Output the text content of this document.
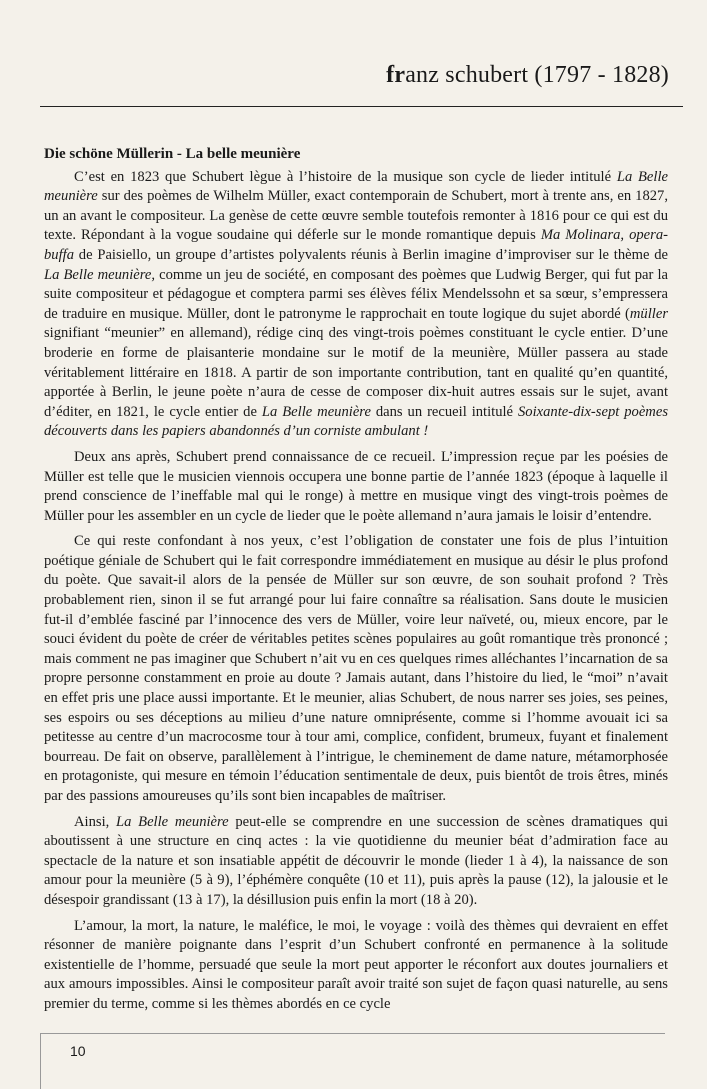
franz schubert (1797 - 1828)
Die schöne Müllerin - La belle meunière

C’est en 1823 que Schubert lègue à l’histoire de la musique son cycle de lieder intitulé La Belle meunière sur des poèmes de Wilhelm Müller, exact contemporain de Schubert, mort à trente ans, en 1827, un an avant le compositeur. La genèse de cette œuvre semble toutefois remonter à 1816 pour ce qui est du texte. Répondant à la vogue soudaine qui déferle sur le monde romantique depuis Ma Molinara, opera-buffa de Paisiello, un groupe d’artistes polyvalents réunis à Berlin imagine d’improviser sur le thème de La Belle meunière, comme un jeu de société, en composant des poèmes que Ludwig Berger, qui fut par la suite compositeur et pédagogue et comptera parmi ses élèves félix Mendelssohn et sa sœur, s’empressera de traduire en musique. Müller, dont le patronyme le rapprochait en toute logique du sujet abordé (müller signifiant “meunier” en allemand), rédige cinq des vingt-trois poèmes constituant le cycle entier. D’une broderie en forme de plaisanterie mondaine sur le motif de la meunière, Müller passera au stade véritablement littéraire en 1818. A partir de son importante contribution, tant en qualité qu’en quantité, apportée à Berlin, le jeune poète n’aura de cesse de composer dix-huit autres essais sur le sujet, avant d’éditer, en 1821, le cycle entier de La Belle meunière dans un recueil intitulé Soixante-dix-sept poèmes découverts dans les papiers abandonnés d’un corniste ambulant !

Deux ans après, Schubert prend connaissance de ce recueil. L’impression reçue par les poésies de Müller est telle que le musicien viennois occupera une bonne partie de l’année 1823 (époque à laquelle il prend conscience de l’ineffable mal qui le ronge) à mettre en musique vingt des vingt-trois poèmes de Müller pour les assembler en un cycle de lieder que le poète allemand n’aura jamais le loisir d’entendre.

Ce qui reste confondant à nos yeux, c’est l’obligation de constater une fois de plus l’intuition poétique géniale de Schubert qui le fait correspondre immédiatement en musique au désir le plus profond du poète. Que savait-il alors de la pensée de Müller sur son œuvre, de son souhait profond ? Très probablement rien, sinon il se fut arrangé pour lui faire connaître sa réalisation. Sans doute le musicien fut-il d’emblée fasciné par l’innocence des vers de Müller, voire leur naïveté, ou, mieux encore, par le souci évident du poète de créer de véritables petites scènes populaires au goût romantique très prononcé ; mais comment ne pas imaginer que Schubert n’ait vu en ces quelques rimes alléchantes l’incarnation de sa propre personne constamment en proie au doute ? Jamais autant, dans l’histoire du lied, le “moi” n’avait en effet pris une place aussi importante. Et le meunier, alias Schubert, de nous narrer ses joies, ses peines, ses espoirs ou ses déceptions au milieu d’une nature omniprésente, comme si l’homme avouait ici sa petitesse au centre d’un macrocosme tour à tour ami, complice, confident, brumeux, fuyant et finalement bourreau. De fait on observe, parallèlement à l’intrigue, le cheminement de dame nature, métamorphosée en protagoniste, qui mesure en témoin l’éducation sentimentale de deux, puis bientôt de trois êtres, minés par des passions amoureuses qu’ils sont bien incapables de maîtriser.

Ainsi, La Belle meunière peut-elle se comprendre en une succession de scènes dramatiques qui aboutissent à une structure en cinq actes : la vie quotidienne du meunier béat d’admiration face au spectacle de la nature et son insatiable appétit de découvrir le monde (lieder 1 à 4), la naissance de son amour pour la meunière (5 à 9), l’éphémère conquête (10 et 11), puis après la pause (12), la jalousie et le désespoir grandissant (13 à 17), la désillusion puis enfin la mort (18 à 20).

L’amour, la mort, la nature, le maléfice, le moi, le voyage : voilà des thèmes qui devraient en effet résonner de manière poignante dans l’esprit d’un Schubert confronté en permanence à la solitude existentielle de l’homme, persuadé que seule la mort peut apporter le réconfort aux doutes journaliers et aux amours impossibles. Ainsi le compositeur paraît avoir traité son sujet de façon quasi naturelle, au sens premier du terme, comme si les thèmes abordés en ce cycle

10
